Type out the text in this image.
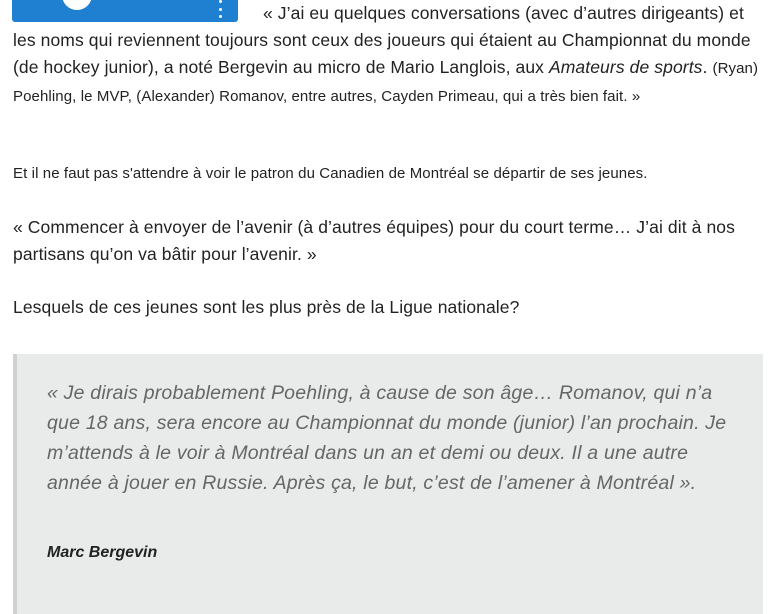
« J’ai eu quelques conversations (avec d’autres dirigeants) et les noms qui reviennent toujours sont ceux des joueurs qui étaient au Championnat du monde (de hockey junior), a noté Bergevin au micro de Mario Langlois, aux Amateurs de sports. (Ryan) Poehling, le MVP, (Alexander) Romanov, entre autres, Cayden Primeau, qui a très bien fait. »

Et il ne faut pas s'attendre à voir le patron du Canadien de Montréal se départir de ses jeunes.

« Commencer à envoyer de l’avenir (à d’autres équipes) pour du court terme… J’ai dit à nos partisans qu’on va bâtir pour l’avenir. »

Lesquels de ces jeunes sont les plus près de la Ligue nationale?

« Je dirais probablement Poehling, à cause de son âge… Romanov, qui n’a que 18 ans, sera encore au Championnat du monde (junior) l’an prochain. Je m’attends à le voir à Montréal dans un an et demi ou deux. Il a une autre année à jouer en Russie. Après ça, le but, c’est de l’amener à Montréal ».

Marc Bergevin
